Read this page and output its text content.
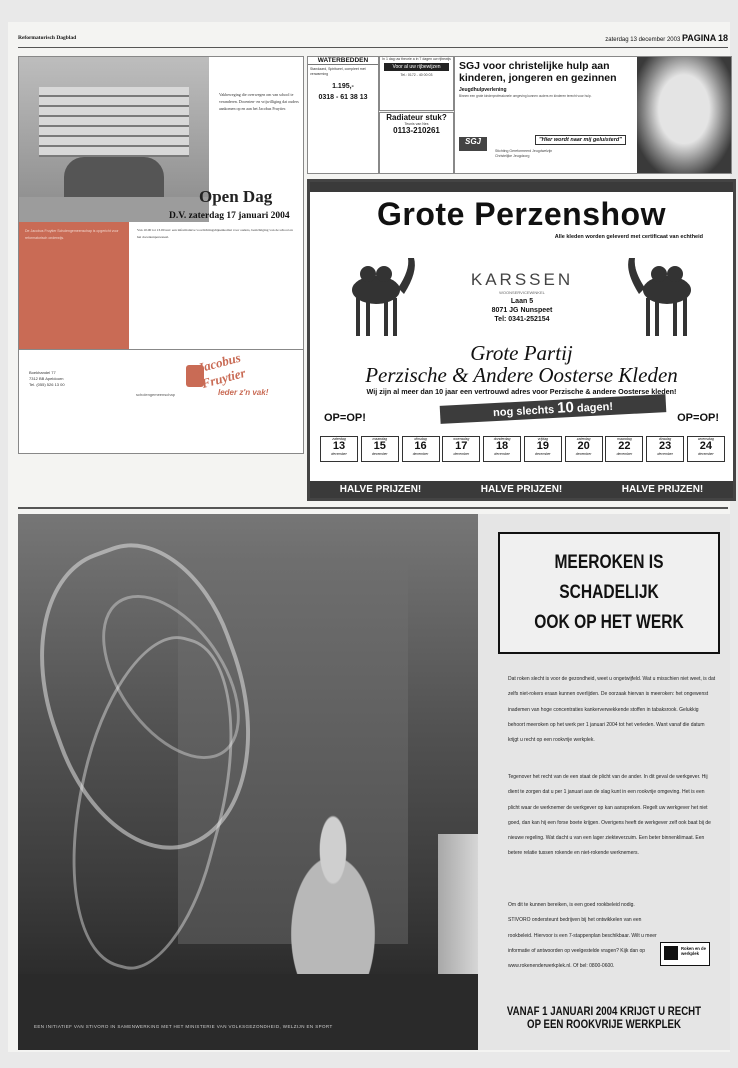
Reformatorisch Dagblad	zaterdag 13 december 2003 PAGINA 18
Vakbeweging die overwegen om van school te veranderen. Docenten- en vrijwilliging dat ouders aankomen op en aan het Jacobus Fruytier.
Open Dag
D.V. zaterdag 17 januari 2004

De Jacobus Fruytier Scholengemeenschap is opgericht voor reformatorisch onderwijs.

Van 10.00 tot 13.00 uur: een informatieve voorlichtingsbijeenkomst voor ouders, bezichtiging van de school en het docentenpersoneel.
Boekhandel 77
7312 BB Apeldoorn
Tel. (055) 526 13 00
scholengemeenschap
Jacobus Fruytier
leder z'n vak!
WATERBEDDEN
Standaard, Spiritueel, compleet met verwarming
1.195,-
0318 - 61 38 13
In 1 dag uw theorie a in 7 dagen uw rijbewijs
Voor al uw rijbewijzen
Tel.: 0172 - 40 00 03
Radiateur stuk?
Teunis van Nes
0113-210261
SGJ voor christelijke hulp aan kinderen, jongeren en gezinnen
Jeugdhulpverlening
Binnen een grote kinderprofessionele omgeving kunnen ouders en kinderen terecht voor hulp.
"Hier wordt naar mij geluisterd"
SGJ
Stichting Gereformeerd Jeugdwelzijn
Christelijke Jeugdzorg
Grote Perzenshow
Alle kleden worden geleverd met certificaat van echtheid
KARSSEN
WOONSERVICEWINKEL
Laan 5
8071 JG Nunspeet
Tel: 0341-252154
Grote Partij
Perzische & Andere Oosterse Kleden
Wij zijn al meer dan 10 jaar een vertrouwd adres voor Perzische & andere Oosterse kleden!
OP=OP!	OP=OP!
nog slechts 10 dagen!
zaterdag
13
december
maandag
15
december
dinsdag
16
december
woensdag
17
december
donderdag
18
december
vrijdag
19
december
zaterdag
20
december
maandag
22
december
dinsdag
23
december
woensdag
24
december
HALVE PRIJZEN!	HALVE PRIJZEN!	HALVE PRIJZEN!
EEN INITIATIEF VAN STIVORO IN SAMENWERKING MET HET MINISTERIE VAN VOLKSGEZONDHEID, WELZIJN EN SPORT
MEEROKEN IS
SCHADELIJK
OOK OP HET WERK
Dat roken slecht is voor de gezondheid, weet u ongetwijfeld. Wat u misschien niet weet, is dat zelfs niet-rokers eraan kunnen overlijden. De oorzaak hiervan is meeroken: het ongewenst inademen van hoge concentraties kankerverwekkende stoffen in tabaksrook. Gelukkig behoort meeroken op het werk per 1 januari 2004 tot het verleden. Want vanaf die datum krijgt u recht op een rookvrije werkplek.
Tegenover het recht van de een staat de plicht van de ander. In dit geval de werkgever. Hij dient te zorgen dat u per 1 januari aan de slag kunt in een rookvrije omgeving. Het is een plicht waar de werknemer de werkgever op kan aanspreken. Regelt uw werkgever het niet goed, dan kan hij een forse boete krijgen. Overigens heeft de werkgever zelf ook baat bij de nieuwe regeling. Wat dacht u van een lager ziekteverzuim. Een beter binnenklimaat. Een betere relatie tussen rokende en niet-rokende werknemers.
Om dit te kunnen bereiken, is een goed rookbeleid nodig. STIVORO ondersteunt bedrijven bij het ontwikkelen van een rookbeleid. Hiervoor is een 7-stappenplan beschikbaar. Wilt u meer informatie of antwoorden op veelgestelde vragen? Kijk dan op www.rokenenderwerkplek.nl. Of bel: 0800-0600.
Roken en de werkplek
VANAF 1 JANUARI 2004 KRIJGT U RECHT OP EEN ROOKVRIJE WERKPLEK
